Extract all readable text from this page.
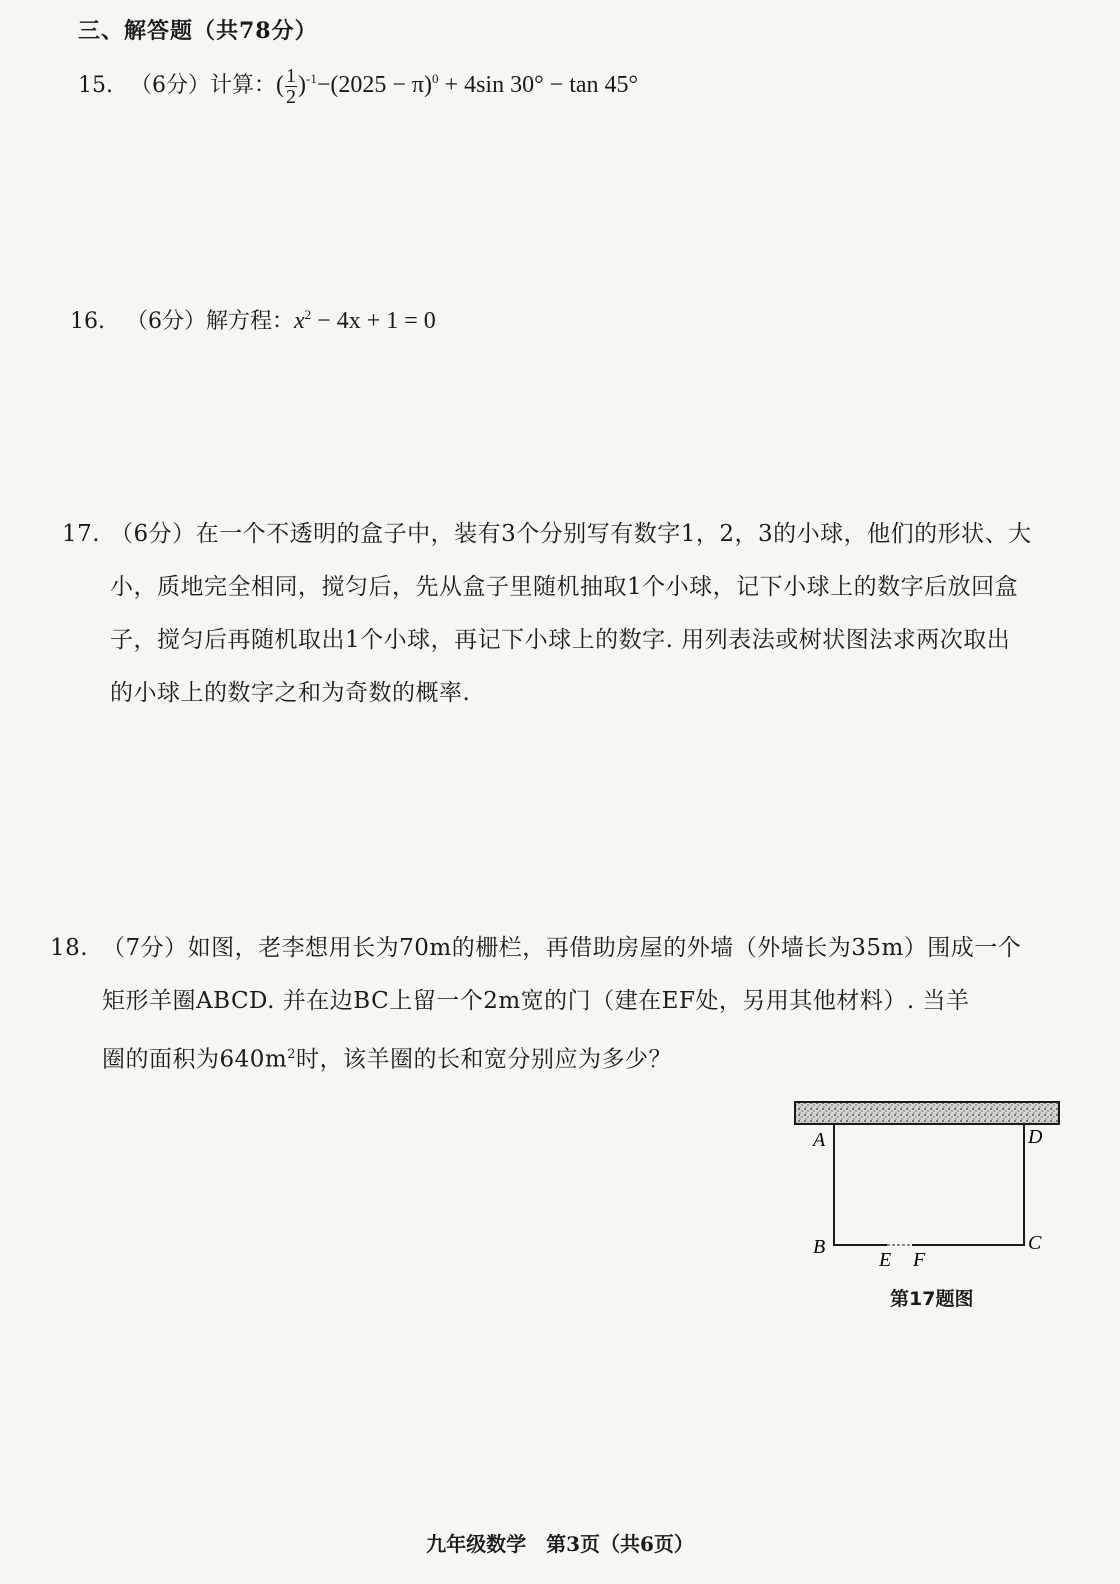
三、解答题（共78分）
15. （6分）计算：( $\frac{1}{2} )^{-1}-(2025 - \pi)^0 + 4\sin$ 30° − tan 45°
16. （6分）解方程：$x^2 - 4x + 1 = 0$
17. （6分）在一个不透明的盒子中，装有3个分别写有数字1，2，3的小球，他们的形状、大
小，质地完全相同，搅匀后，先从盒子里随机抽取1个小球，记下小球上的数字后放回盒
子，搅匀后再随机取出1个小球，再记下小球上的数字. 用列表法或树状图法求两次取出
的小球上的数字之和为奇数的概率.
18. （7分）如图，老李想用长为70m的栅栏，再借助房屋的外墙（外墙长为35m）围成一个
矩形羊圈ABCD. 并在边BC上留一个2m宽的门（建在EF处，另用其他材料）. 当羊
圈的面积为$640m^2$时，该羊圈的长和宽分别应为多少？
A	D
B	C
E F
第17题图
九年级数学　第3页（共6页）
